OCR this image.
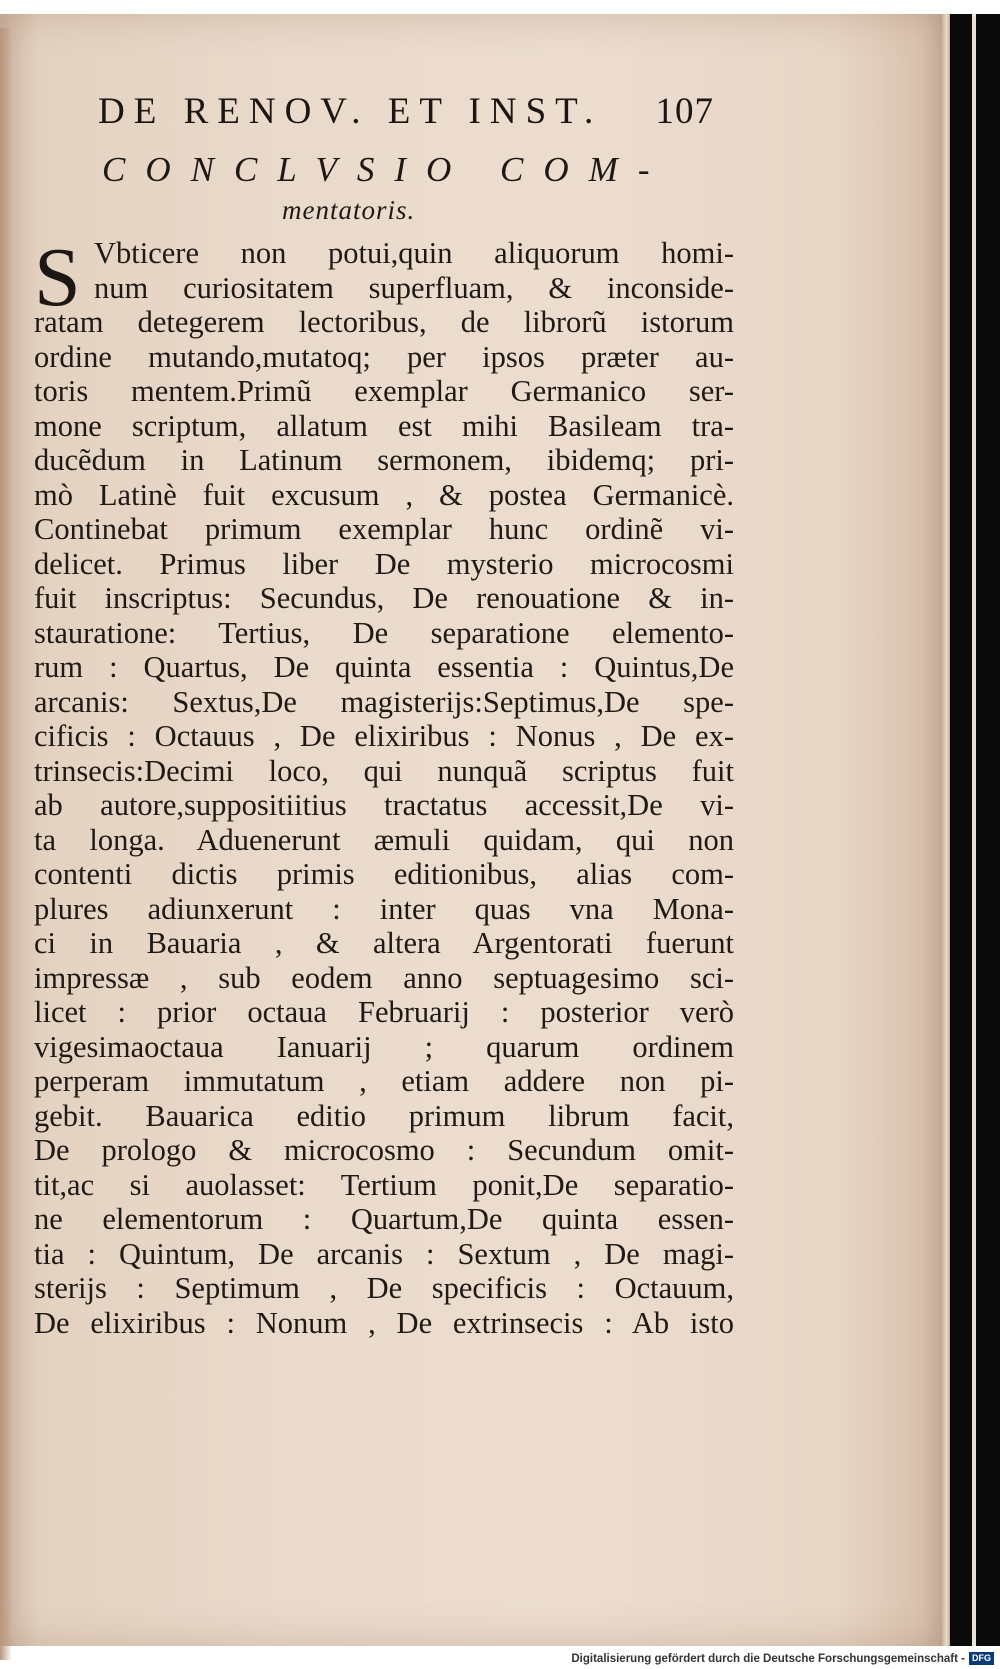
DE RENOV. ET INST. 107
CONCLVSIO COM-
mentatoris.
S Vbticere non potui,quin aliquorum homi-
num curiositatem superfluam, & inconside-
ratam detegerem lectoribus, de librorũ istorum
ordine mutando,mutatoq; per ipsos præter au-
toris mentem.Primũ exemplar Germanico ser-
mone scriptum, allatum est mihi Basileam tra-
ducẽdum in Latinum sermonem, ibidemq; pri-
mò Latinè fuit excusum , & postea Germanicè.
Continebat primum exemplar hunc ordinẽ vi-
delicet. Primus liber De mysterio microcosmi
fuit inscriptus: Secundus, De renouatione & in-
stauratione: Tertius, De separatione elemento-
rum : Quartus, De quinta essentia : Quintus,De
arcanis: Sextus,De magisterijs:Septimus,De spe-
cificis : Octauus , De elixiribus : Nonus , De ex-
trinsecis:Decimi loco, qui nunquã scriptus fuit
ab autore,suppositiitius tractatus accessit,De vi-
ta longa. Aduenerunt æmuli quidam, qui non
contenti dictis primis editionibus, alias com-
plures adiunxerunt : inter quas vna Mona-
ci in Bauaria , & altera Argentorati fuerunt
impressæ , sub eodem anno septuagesimo sci-
licet : prior octaua Februarij : posterior verò
vigesimaoctaua Ianuarij ; quarum ordinem
perperam immutatum , etiam addere non pi-
gebit. Bauarica editio primum librum facit,
De prologo & microcosmo : Secundum omit-
tit,ac si auolasset: Tertium ponit,De separatio-
ne elementorum : Quartum,De quinta essen-
tia : Quintum, De arcanis : Sextum , De magi-
sterijs : Septimum , De specificis : Octauum,
De elixiribus : Nonum , De extrinsecis : Ab isto
Digitalisierung gefördert durch die Deutsche Forschungsgemeinschaft - DFG
